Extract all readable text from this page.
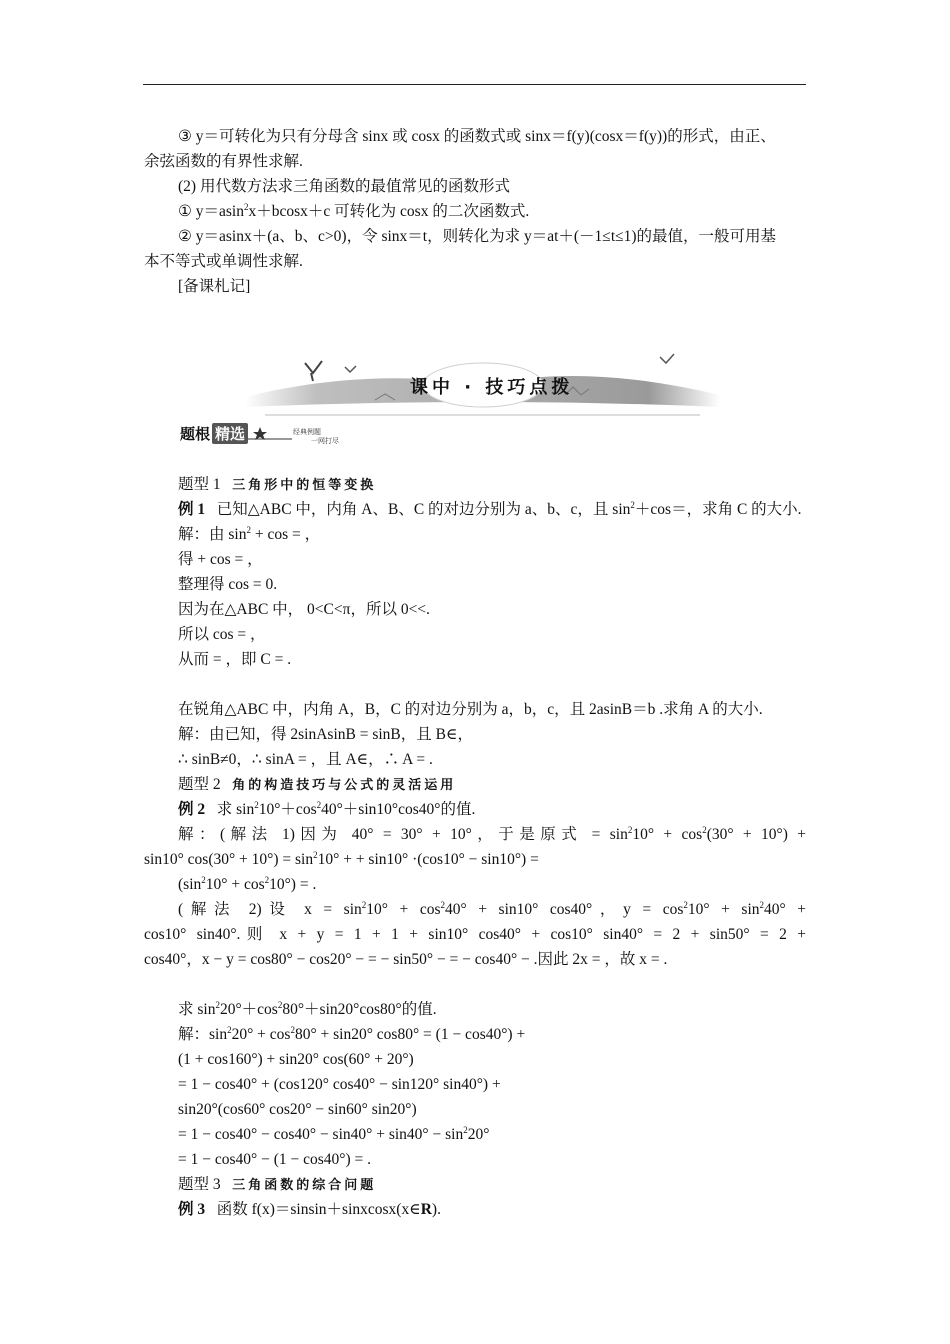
③ y＝可转化为只有分母含 sinx 或 cosx 的函数式或 sinx＝f(y)(cosx＝f(y))的形式，由正、
余弦函数的有界性求解.
(2) 用代数方法求三角函数的最值常见的函数形式
① y＝asin$^2$x＋bcosx＋c 可转化为 cosx 的二次函数式.
② y＝asinx＋(a、b、c>0)，令 sinx＝t，则转化为求 y＝at＋(－1≤t≤1)的最值，一般可用基
本不等式或单调性求解.
[备课札记]
课中 · 技巧点拨
题根 精选	经典例题
一网打尽
题型 1 三角形中的恒等变换
例 1 已知△ABC 中，内角 A、B、C 的对边分别为 a、b、c，且 $\sin^2+\cos=$，求角 C 的大小.
解：由 $\sin^2 + \cos$ = ，
得 + cos = ，
整理得 cos = 0.
因为在△ABC 中， 0<C<π，所以 0<<.
所以 cos = ，
从而 = ，即 C = .
在锐角△ABC 中，内角 A，B，C 的对边分别为 a，b，c，且 2asinB＝b .求角 A 的大小.
解：由已知，得 2sinAsinB = sinB，且 B∈，
∴ sinB≠0，∴ sinA = ，且 A∈，∴ A = .
题型 2 角的构造技巧与公式的灵活运用
例 2 求 $\sin^210^\circ+\cos^240^\circ+\sin 10^\circ\cos 40^\circ$的值.
解：(解法 1)因为 40° = 30° + 10°，于是原式 = $\sin^210^\circ + \cos^2(30^\circ + 10^\circ)$ +
sin10° $\cos(30^\circ + 10^\circ) = \sin^210^\circ$ + + sin10° ·(cos10° − sin10°) =
$(\sin^210^\circ + \cos^210^\circ)$ = .
(解法 2)设 $x = \sin^210^\circ + \cos^240^\circ + \sin 10^\circ$ cos40°，$y = \cos^210^\circ + \sin^240^\circ$ +
cos10° sin40°.则 x + y = 1 + 1 + sin10° cos40° + cos10° sin40° = 2 + sin50° = 2 +
cos40°，x − y = cos80° − cos20° − = − sin50° − = − cos40° − .因此 2x = ，故 x = .
求 $\sin^220^\circ+\cos^280^\circ+\sin 20^\circ\cos 80^\circ$的值.
解：$\sin^220^\circ + \cos^280^\circ + \sin 20^\circ$ cos80° = (1 − cos40°) +
(1 + cos160°) + sin20° cos(60° + 20°)
= 1 − cos40° + (cos120° cos40° − sin120° sin40°) +
sin20°(cos60° cos20° − sin60° sin20°)
= $1 - \cos 40^\circ - \cos 40^\circ - \sin 40^\circ + \sin 40^\circ - \sin^220^\circ$
= 1 − cos40° − (1 − cos40°) = .
题型 3 三角函数的综合问题
例 3 函数 f(x)＝sinsin＋sinxcosx(x∈R).
